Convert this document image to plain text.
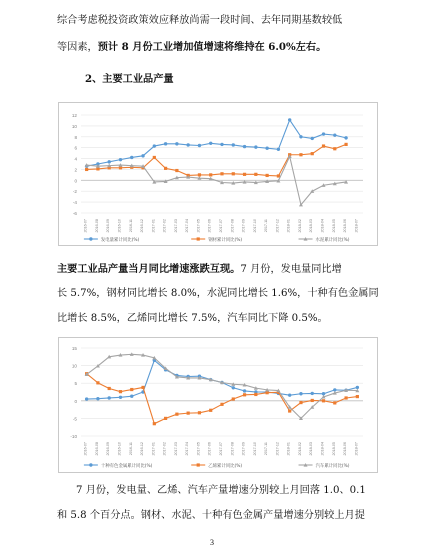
综合考虑税投资政策效应释放尚需一段时间、去年同期基数较低

等因素，预计 8 月份工业增加值增速将维持在 6.0%左右。

2、主要工业品产量

-6
-4
-2
0
2
4
6
8
10
12
2016-07 2016-08 2016-09 2016-10 2016-11 2016-12 2017-01 2017-02 2017-03 2017-04 2017-05 2017-06 2017-07 2017-08 2017-09 2017-10 2017-11 2017-12 2018-01 2018-02 2018-03 2018-04 2018-05 2018-06 2018-07
发电量累计同比(%)	钢材累计同比(%)	水泥累计同比(%)

主要工业品产量当月同比增速涨跌互现。7 月份，发电量同比增

长 5.7%，钢材同比增长 8.0%，水泥同比增长 1.6%，十种有色金属同

比增长 8.5%，乙烯同比增长 7.5%，汽车同比下降 0.5%。

-10
-5
0
5
10
15
2016-07 2016-08 2016-09 2016-10 2016-11 2016-12 2017-01 2017-02 2017-03 2017-04 2017-05 2017-06 2017-07 2017-08 2017-09 2017-10 2017-11 2017-12 2018-01 2018-02 2018-03 2018-04 2018-05 2018-06 2018-07
十种有色金属累计同比(%)	乙烯累计同比(%)	汽车累计同比(%)

7 月份，发电量、乙烯、汽车产量增速分别较上月回落 1.0、0.1

和 5.8 个百分点。钢材、水泥、十种有色金属产量增速分别较上月提

3
